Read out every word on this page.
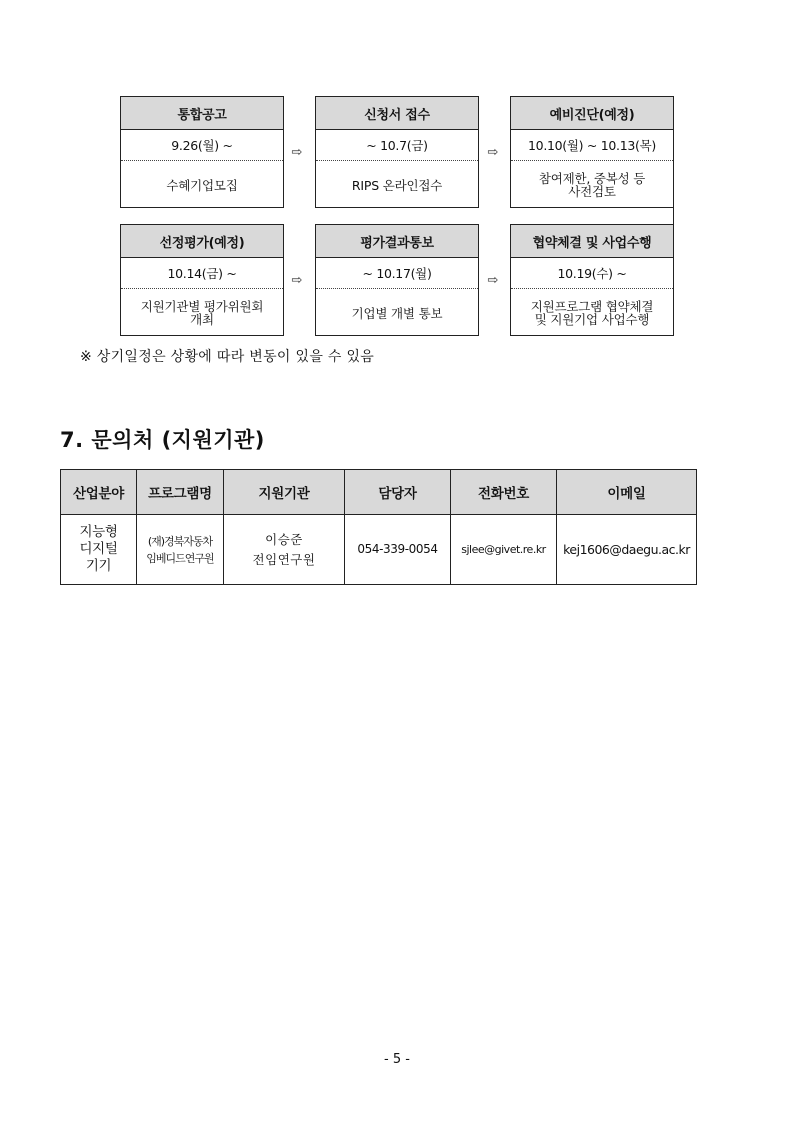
통합공고
9.26(월) ~
수혜기업모집
⇨
신청서 접수
~ 10.7(금)
RIPS 온라인접수
⇨
예비진단(예정)
10.10(월) ~ 10.13(목)
참여제한, 중복성 등
사전검토
선정평가(예정)
10.14(금) ~
지원기관별 평가위원회
개최
⇨
평가결과통보
~ 10.17(월)
기업별 개별 통보
⇨
협약체결 및 사업수행
10.19(수) ~
지원프로그램 협약체결
및 지원기업 사업수행
※ 상기일정은 상황에 따라 변동이 있을 수 있음
7. 문의처 (지원기관)
산업분야	프로그램명	지원기관	담당자	전화번호	이메일
지능형
디지털
기기	(재)경북자동차
임베디드연구원	이승준
전임연구원	054-339-0054	sjlee@givet.re.kr	kej1606@daegu.ac.kr
- 5 -
